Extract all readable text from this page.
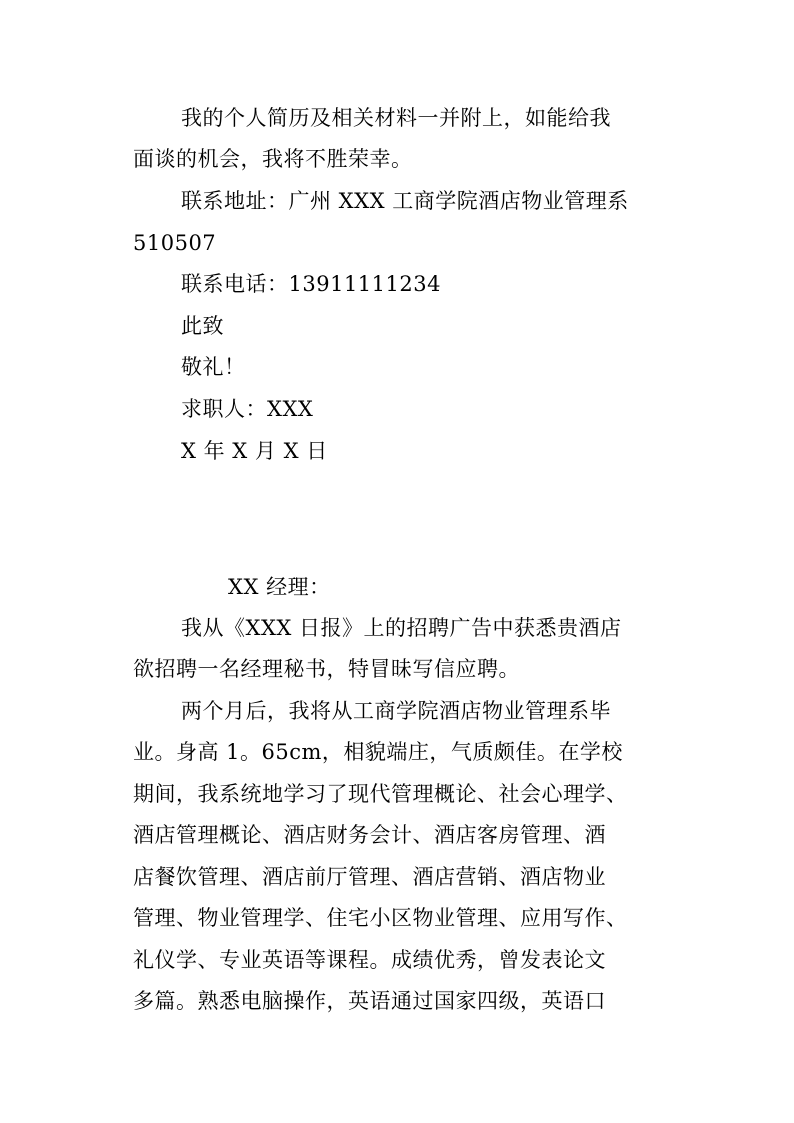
我的个人简历及相关材料一并附上，如能给我
面谈的机会，我将不胜荣幸。
联系地址：广州 XXX 工商学院酒店物业管理系
510507
联系电话：13911111234
此致
敬礼！
求职人：XXX
X 年 X 月 X 日
XX 经理：
我从《XXX 日报》上的招聘广告中获悉贵酒店
欲招聘一名经理秘书，特冒昧写信应聘。
两个月后，我将从工商学院酒店物业管理系毕
业。身高 1。65cm，相貌端庄，气质颇佳。在学校
期间，我系统地学习了现代管理概论、社会心理学、
酒店管理概论、酒店财务会计、酒店客房管理、酒
店餐饮管理、酒店前厅管理、酒店营销、酒店物业
管理、物业管理学、住宅小区物业管理、应用写作、
礼仪学、专业英语等课程。成绩优秀，曾发表论文
多篇。熟悉电脑操作，英语通过国家四级，英语口
